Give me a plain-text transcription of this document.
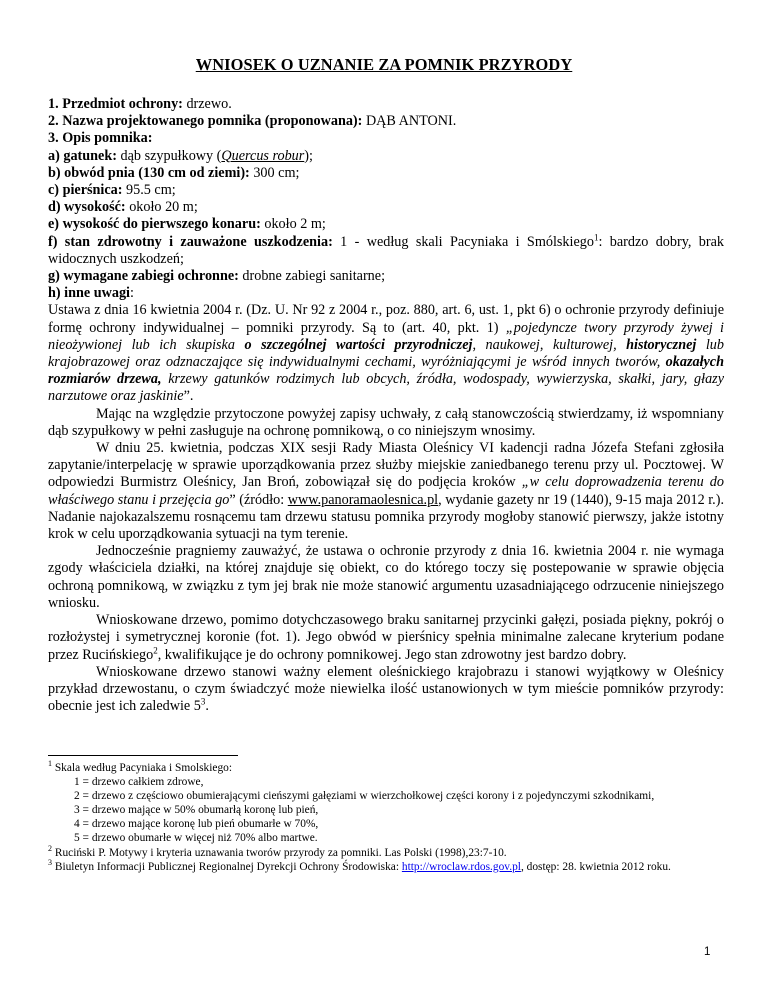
WNIOSEK O UZNANIE ZA POMNIK PRZYRODY

1. Przedmiot ochrony: drzewo.

2. Nazwa projektowanego pomnika (proponowana): DĄB ANTONI.

3. Opis pomnika:

a) gatunek: dąb szypułkowy (Quercus robur);

b) obwód pnia (130 cm od ziemi): 300 cm;

c) pierśnica: 95.5 cm;

d) wysokość: około 20 m;

e) wysokość do pierwszego konaru: około 2 m;

f) stan zdrowotny i zauważone uszkodzenia: 1 - według skali Pacyniaka i Smólskiego$^1$: bardzo dobry, brak widocznych uszkodzeń;

g) wymagane zabiegi ochronne: drobne zabiegi sanitarne;

h) inne uwagi:

Ustawa z dnia 16 kwietnia 2004 r. (Dz. U. Nr 92 z 2004 r., poz. 880, art. 6, ust. 1, pkt 6) o ochronie przyrody definiuje formę ochrony indywidualnej – pomniki przyrody. Są to (art. 40, pkt. 1) „pojedyncze twory przyrody żywej i nieożywionej lub ich skupiska o szczególnej wartości przyrodniczej, naukowej, kulturowej, historycznej lub krajobrazowej oraz odznaczające się indywidualnymi cechami, wyróżniającymi je wśród innych tworów, okazałych rozmiarów drzewa, krzewy gatunków rodzimych lub obcych, źródła, wodospady, wywierzyska, skałki, jary, głazy narzutowe oraz jaskinie”.

Mając na względzie przytoczone powyżej zapisy uchwały, z całą stanowczością stwierdzamy, iż wspomniany dąb szypułkowy w pełni zasługuje na ochronę pomnikową, o co niniejszym wnosimy.

W dniu 25. kwietnia, podczas XIX sesji Rady Miasta Oleśnicy VI kadencji radna Józefa Stefani zgłosiła zapytanie/interpelację w sprawie uporządkowania przez służby miejskie zaniedbanego terenu przy ul. Pocztowej. W odpowiedzi Burmistrz Oleśnicy, Jan Broń, zobowiązał się do podjęcia kroków „w celu doprowadzenia terenu do właściwego stanu i przejęcia go” (źródło: www.panoramaolesnica.pl, wydanie gazety nr 19 (1440), 9-15 maja 2012 r.). Nadanie najokazalszemu rosnącemu tam drzewu statusu pomnika przyrody mogłoby stanowić pierwszy, jakże istotny krok w celu uporządkowania sytuacji na tym terenie.

Jednocześnie pragniemy zauważyć, że ustawa o ochronie przyrody z dnia 16. kwietnia 2004 r. nie wymaga zgody właściciela działki, na której znajduje się obiekt, co do którego toczy się postepowanie w sprawie objęcia ochroną pomnikową, w związku z tym jej brak nie może stanowić argumentu uzasadniającego odrzucenie niniejszego wniosku.

Wnioskowane drzewo, pomimo dotychczasowego braku sanitarnej przycinki gałęzi, posiada piękny, pokrój o rozłożystej i symetrycznej koronie (fot. 1). Jego obwód w pierśnicy spełnia minimalne zalecane kryterium podane przez Rucińskiego$^2$, kwalifikujące je do ochrony pomnikowej. Jego stan zdrowotny jest bardzo dobry.

Wnioskowane drzewo stanowi ważny element oleśnickiego krajobrazu i stanowi wyjątkowy w Oleśnicy przykład drzewostanu, o czym świadczyć może niewielka ilość ustanowionych w tym mieście pomników przyrody: obecnie jest ich zaledwie $5^3$.

$^1$ Skala według Pacyniaka i Smolskiego:

1 = drzewo całkiem zdrowe,

2 = drzewo z częściowo obumierającymi cieńszymi gałęziami w wierzchołkowej części korony i z pojedynczymi szkodnikami,

3 = drzewo mające w 50% obumarłą koronę lub pień,

4 = drzewo mające koronę lub pień obumarłe w 70%,

5 = drzewo obumarłe w więcej niż 70% albo martwe.

$^2$ Ruciński P. Motywy i kryteria uznawania tworów przyrody za pomniki. Las Polski (1998),23:7-10.

$^3$ Biuletyn Informacji Publicznej Regionalnej Dyrekcji Ochrony Środowiska: http://wroclaw.rdos.gov.pl, dostęp: 28. kwietnia 2012 roku.

1
